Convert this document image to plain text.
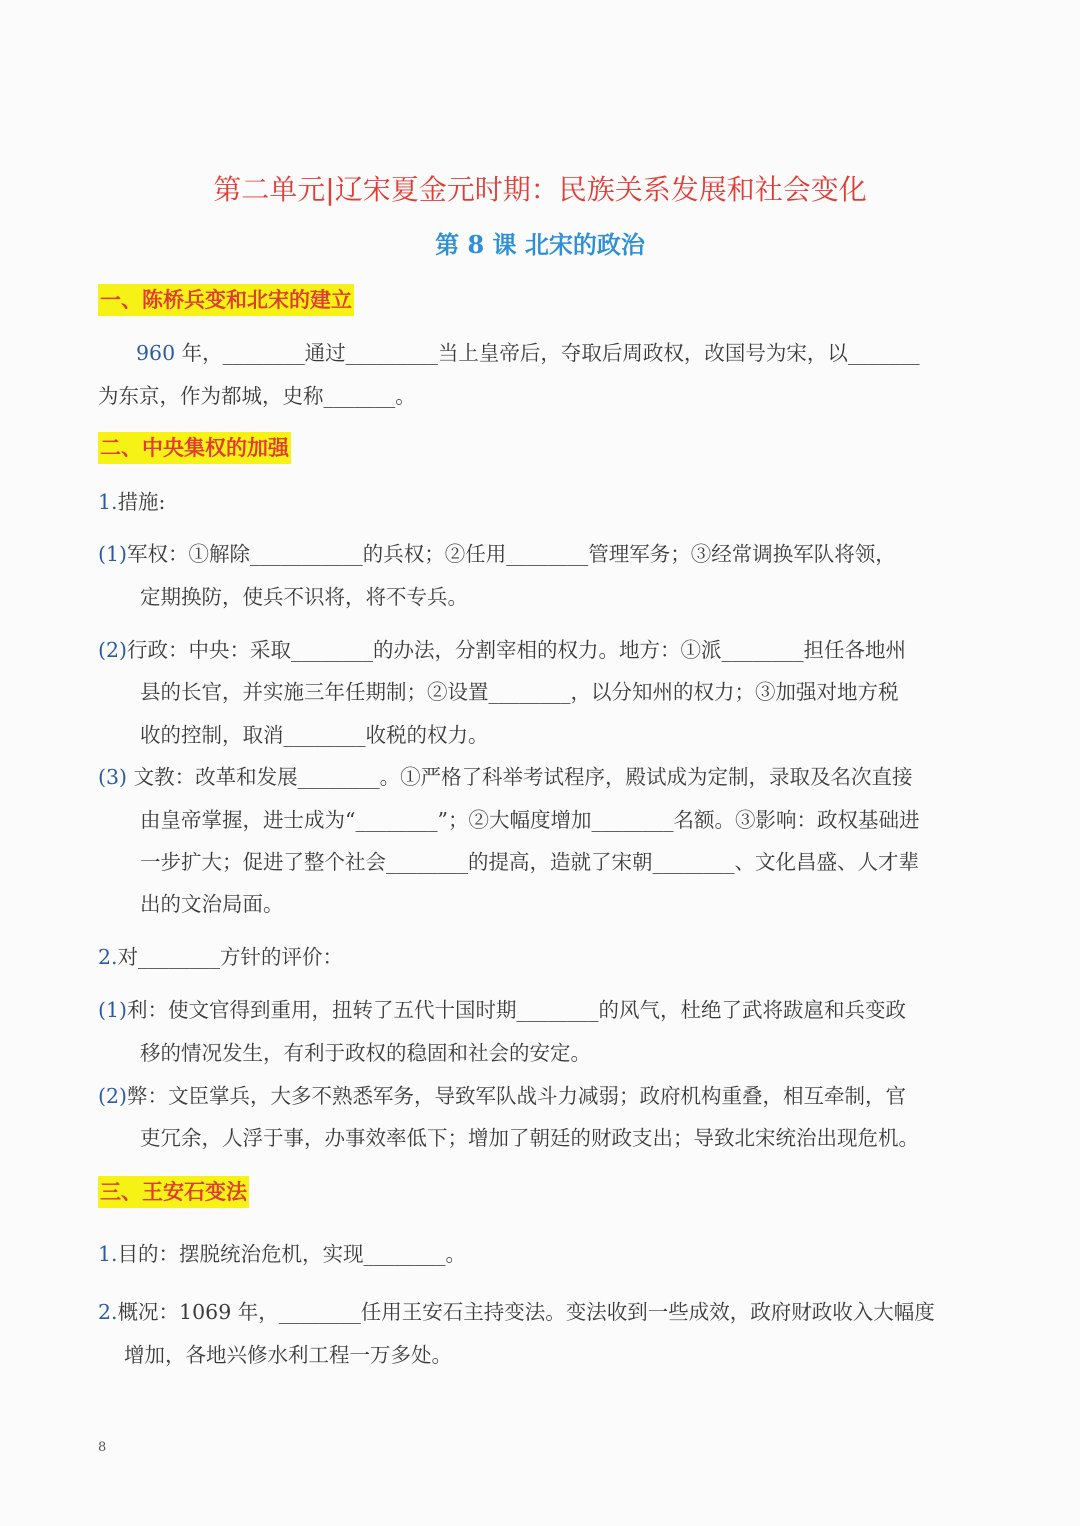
第二单元|辽宋夏金元时期：民族关系发展和社会变化
第 8 课 北宋的政治
一、陈桥兵变和北宋的建立
960 年，________通过_________当上皇帝后，夺取后周政权，改国号为宋，以_______
为东京，作为都城，史称_______。
二、中央集权的加强
1.措施:
(1)军权：①解除___________的兵权；②任用________管理军务；③经常调换军队将领，
定期换防，使兵不识将，将不专兵。
(2)行政：中央：采取________的办法，分割宰相的权力。地方：①派________担任各地州
县的长官，并实施三年任期制；②设置________，以分知州的权力；③加强对地方税
收的控制，取消________收税的权力。
(3) 文教：改革和发展________。①严格了科举考试程序，殿试成为定制，录取及名次直接
由皇帝掌握，进士成为“________”；②大幅度增加________名额。③影响：政权基础进
一步扩大；促进了整个社会________的提高，造就了宋朝________、文化昌盛、人才辈
出的文治局面。
2.对________方针的评价：
(1)利：使文官得到重用，扭转了五代十国时期________的风气，杜绝了武将跋扈和兵变政
移的情况发生，有利于政权的稳固和社会的安定。
(2)弊：文臣掌兵，大多不熟悉军务，导致军队战斗力减弱；政府机构重叠，相互牵制，官
吏冗余，人浮于事，办事效率低下；增加了朝廷的财政支出；导致北宋统治出现危机。
三、王安石变法
1.目的：摆脱统治危机，实现________。
2.概况：1069 年，________任用王安石主持变法。变法收到一些成效，政府财政收入大幅度
增加，各地兴修水利工程一万多处。
8
